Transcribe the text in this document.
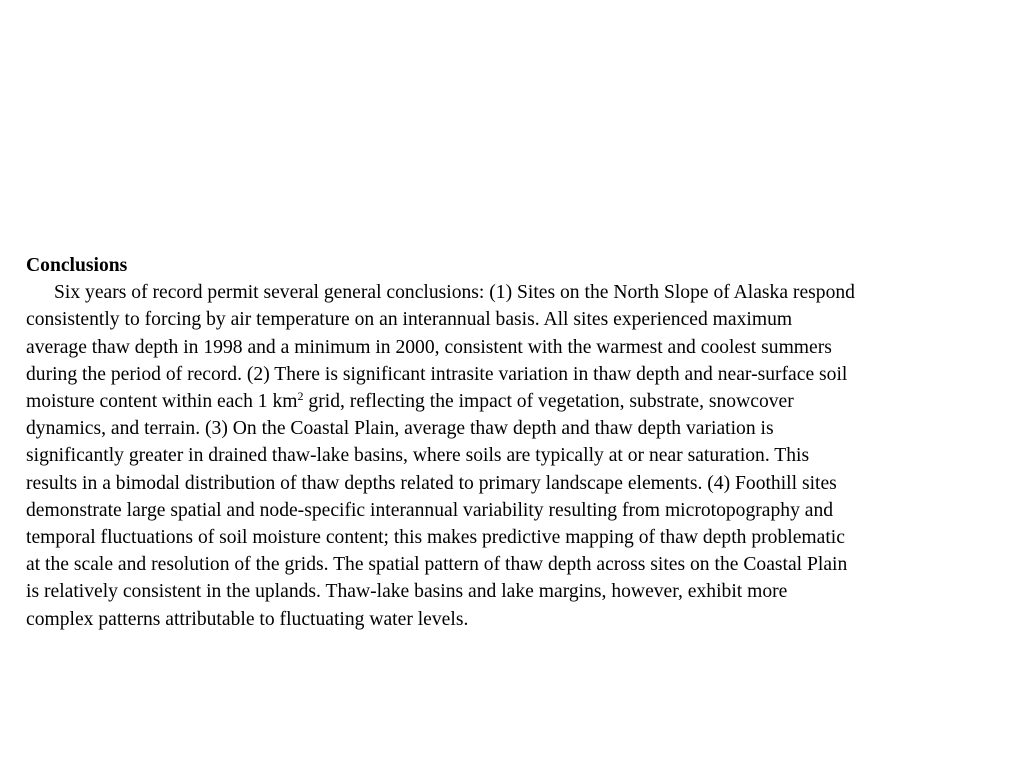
Conclusions
Six years of record permit several general conclusions: (1) Sites on the North Slope of Alaska respond
consistently to forcing by air temperature on an interannual basis. All sites experienced maximum
average thaw depth in 1998 and a minimum in 2000, consistent with the warmest and coolest summers
during the period of record. (2) There is significant intrasite variation in thaw depth and near-surface soil
moisture content within each 1 $km^2$ grid, reflecting the impact of vegetation, substrate, snowcover
dynamics, and terrain. (3) On the Coastal Plain, average thaw depth and thaw depth variation is
significantly greater in drained thaw-lake basins, where soils are typically at or near saturation. This
results in a bimodal distribution of thaw depths related to primary landscape elements. (4) Foothill sites
demonstrate large spatial and node-specific interannual variability resulting from microtopography and
temporal fluctuations of soil moisture content; this makes predictive mapping of thaw depth problematic
at the scale and resolution of the grids. The spatial pattern of thaw depth across sites on the Coastal Plain
is relatively consistent in the uplands. Thaw-lake basins and lake margins, however, exhibit more
complex patterns attributable to fluctuating water levels.
